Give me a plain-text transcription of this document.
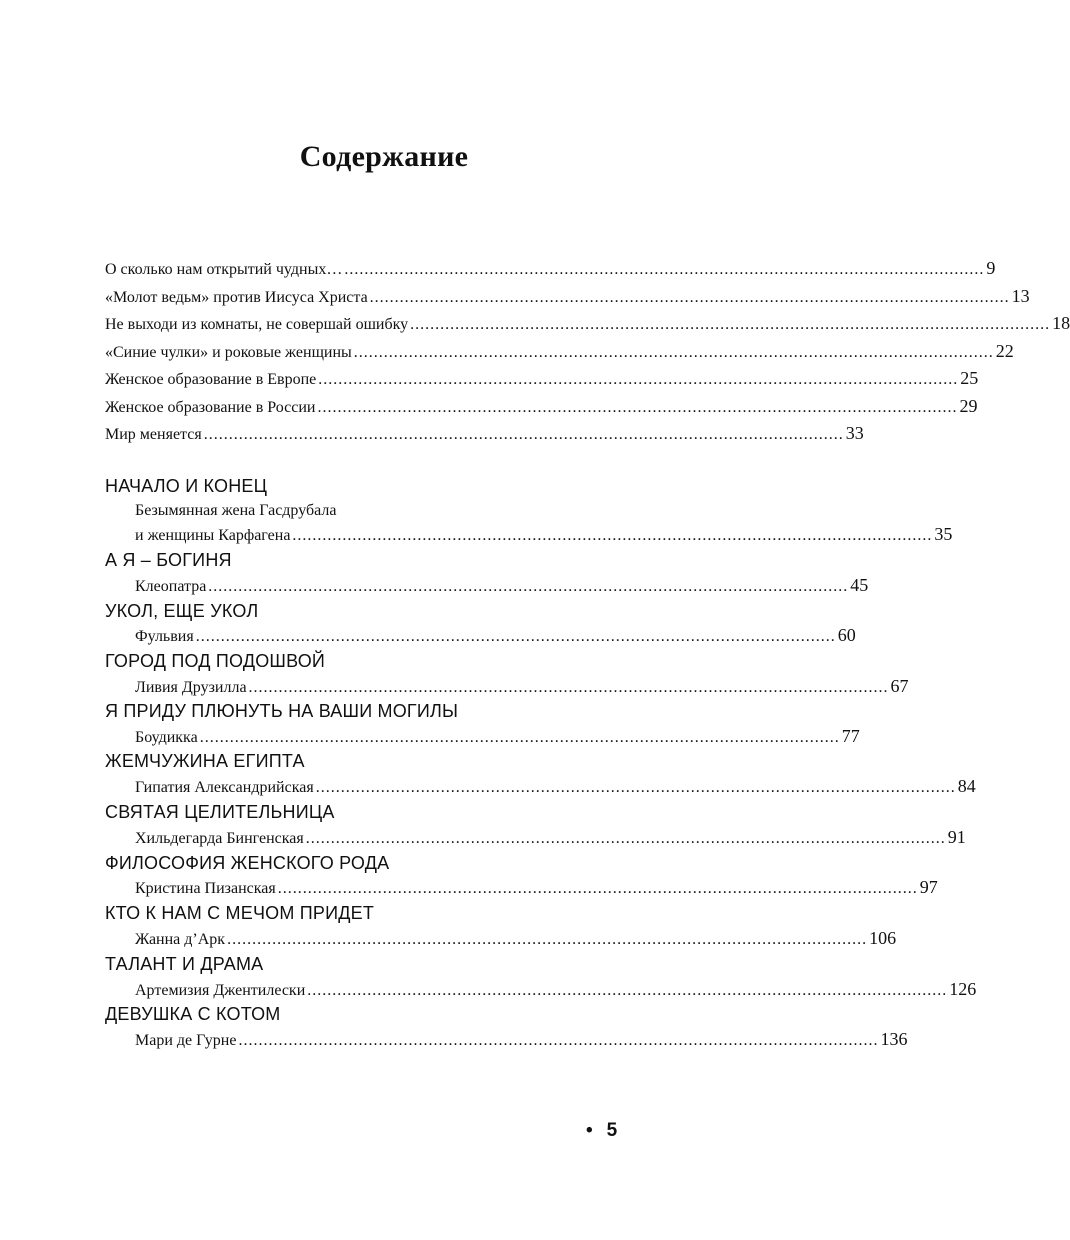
Содержание
О сколько нам открытий чудных… ................................................................................................................................ 9
«Молот ведьм» против Иисуса Христа ................................................................................................................................ 13
Не выходи из комнаты, не совершай ошибку ................................................................................................................................ 18
«Синие чулки» и роковые женщины ................................................................................................................................ 22
Женское образование в Европе ................................................................................................................................ 25
Женское образование в России ................................................................................................................................ 29
Мир меняется ................................................................................................................................ 33
НАЧАЛО И КОНЕЦ
Безымянная жена Гасдрубала
и женщины Карфагена ................................................................................................................................ 35
А Я – БОГИНЯ
Клеопатра ................................................................................................................................ 45
УКОЛ, ЕЩЕ УКОЛ
Фульвия ................................................................................................................................ 60
ГОРОД ПОД ПОДОШВОЙ
Ливия Друзилла ................................................................................................................................ 67
Я ПРИДУ ПЛЮНУТЬ НА ВАШИ МОГИЛЫ
Боудикка ................................................................................................................................ 77
ЖЕМЧУЖИНА ЕГИПТА
Гипатия Александрийская ................................................................................................................................ 84
СВЯТАЯ ЦЕЛИТЕЛЬНИЦА
Хильдегарда Бингенская ................................................................................................................................ 91
ФИЛОСОФИЯ ЖЕНСКОГО РОДА
Кристина Пизанская ................................................................................................................................ 97
КТО К НАМ С МЕЧОМ ПРИДЕТ
Жанна д’Арк ................................................................................................................................ 106
ТАЛАНТ И ДРАМА
Артемизия Джентилески ................................................................................................................................ 126
ДЕВУШКА С КОТОМ
Мари де Гурне ................................................................................................................................ 136
• 5
